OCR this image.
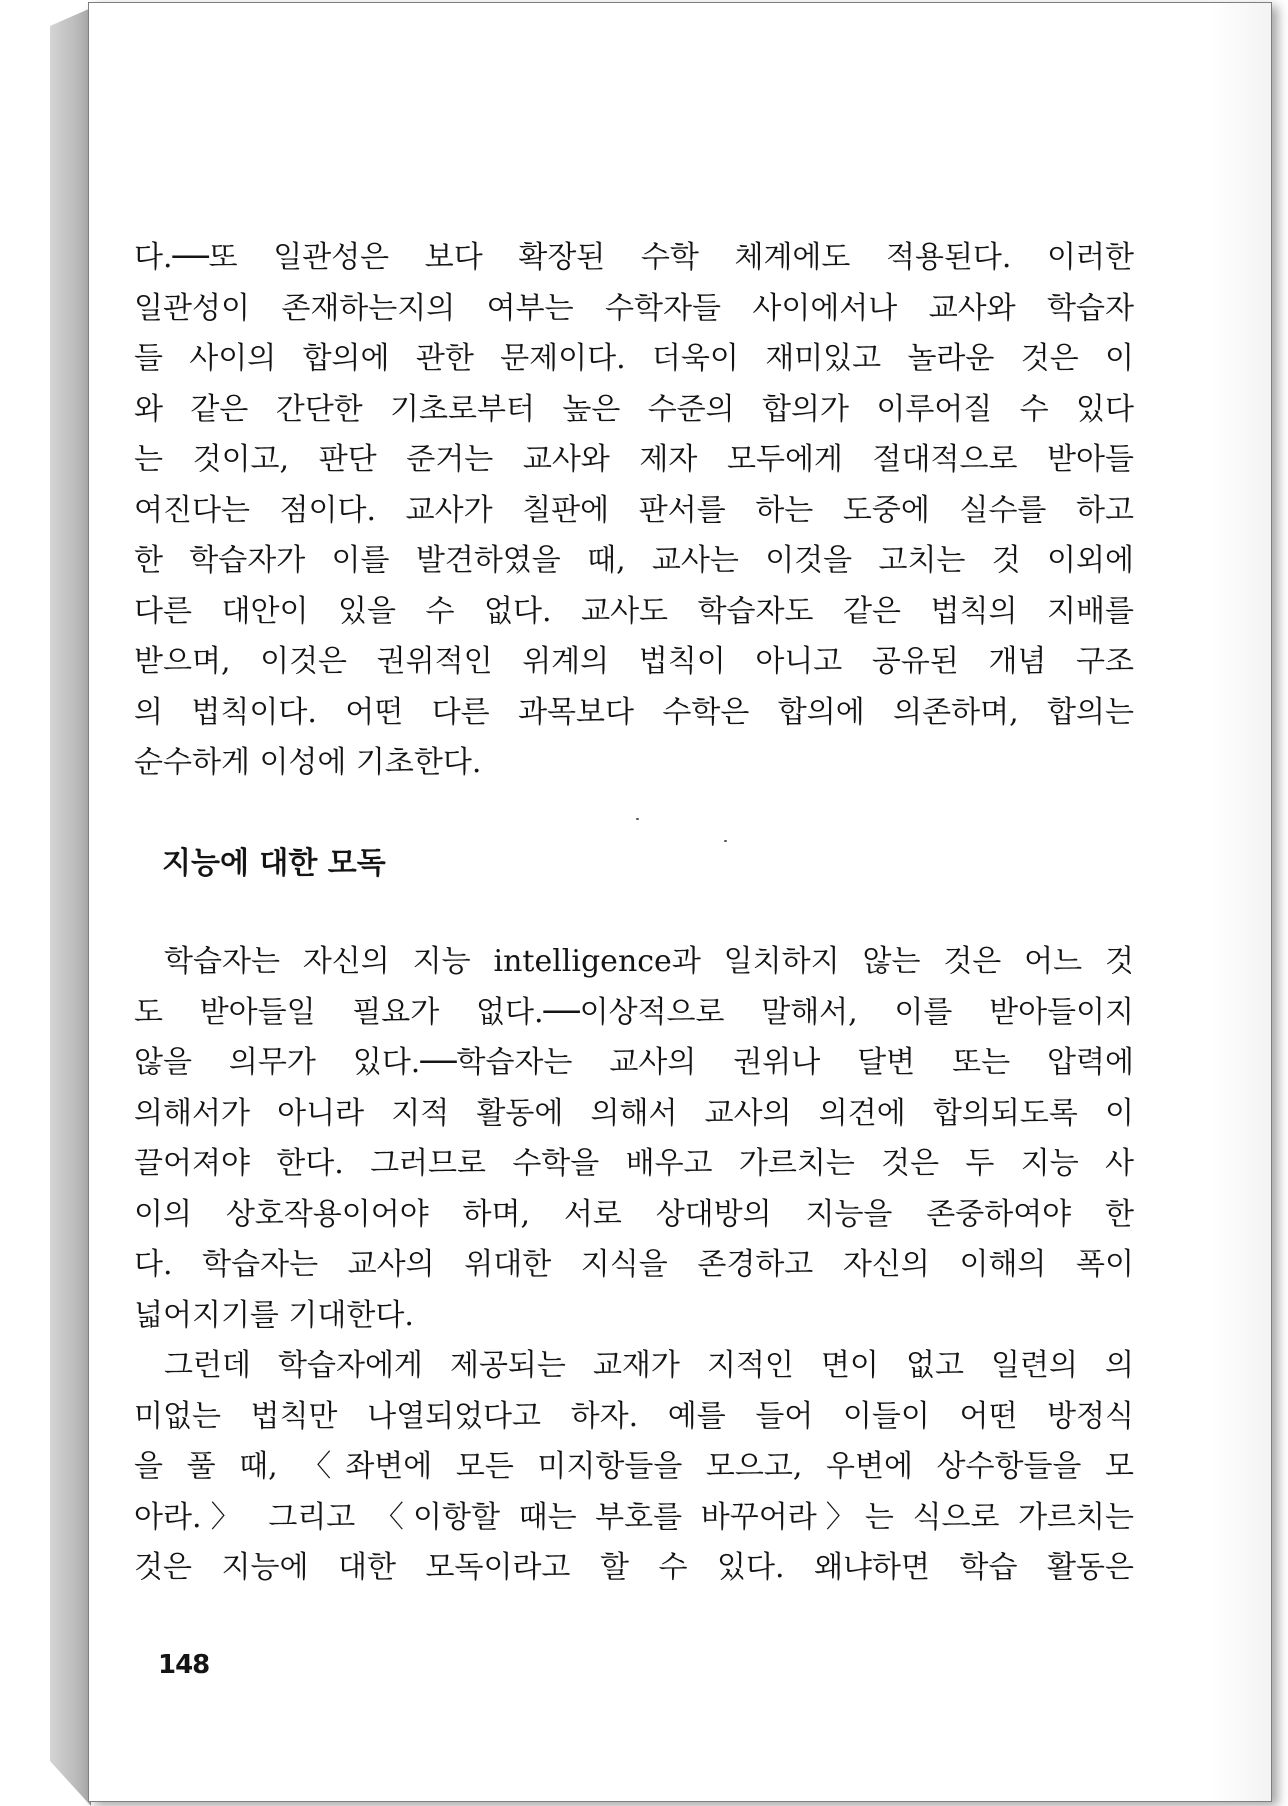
다.──또 일관성은 보다 확장된 수학 체계에도 적용된다. 이러한
일관성이 존재하는지의 여부는 수학자들 사이에서나 교사와 학습자
들 사이의 합의에 관한 문제이다. 더욱이 재미있고 놀라운 것은 이
와 같은 간단한 기초로부터 높은 수준의 합의가 이루어질 수 있다
는 것이고, 판단 준거는 교사와 제자 모두에게 절대적으로 받아들
여진다는 점이다. 교사가 칠판에 판서를 하는 도중에 실수를 하고
한 학습자가 이를 발견하였을 때, 교사는 이것을 고치는 것 이외에
다른 대안이 있을 수 없다. 교사도 학습자도 같은 법칙의 지배를
받으며, 이것은 권위적인 위계의 법칙이 아니고 공유된 개념 구조
의 법칙이다. 어떤 다른 과목보다 수학은 합의에 의존하며, 합의는
순수하게 이성에 기초한다.

지능에 대한 모독

학습자는 자신의 지능 intelligence과 일치하지 않는 것은 어느 것
도 받아들일 필요가 없다.──이상적으로 말해서, 이를 받아들이지
않을 의무가 있다.──학습자는 교사의 권위나 달변 또는 압력에
의해서가 아니라 지적 활동에 의해서 교사의 의견에 합의되도록 이
끌어져야 한다. 그러므로 수학을 배우고 가르치는 것은 두 지능 사
이의 상호작용이어야 하며, 서로 상대방의 지능을 존중하여야 한
다. 학습자는 교사의 위대한 지식을 존경하고 자신의 이해의 폭이
넓어지기를 기대한다.

그런데 학습자에게 제공되는 교재가 지적인 면이 없고 일련의 의
미없는 법칙만 나열되었다고 하자. 예를 들어 이들이 어떤 방정식
을 풀 때, 〈좌변에 모든 미지항들을 모으고, 우변에 상수항들을 모
아라.〉 그리고 〈이항할 때는 부호를 바꾸어라〉는 식으로 가르치는
것은 지능에 대한 모독이라고 할 수 있다. 왜냐하면 학습 활동은

148
